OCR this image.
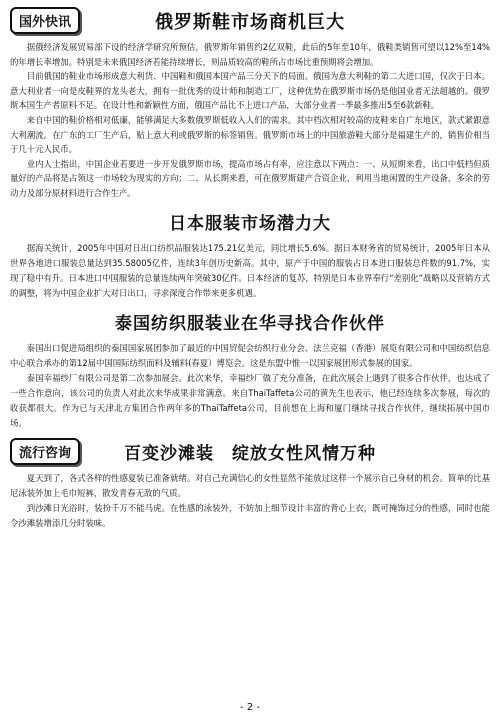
国外快讯	俄罗斯鞋市场商机巨大

据俄经济发展贸易部下设的经济学研究所预估，俄罗斯年销售约2亿双鞋，此后的5年至10年，俄鞋类销售可望以12%至14%的年增长率增加。特别是未来俄国经济若能持续增长，则品质较高的鞋所占市场比重预期将会增加。

目前俄国的鞋业市场形成意大利货、中国鞋和俄国本国产品三分天下的局面。俄国为意大利鞋的第二大进口国，仅次于日本。意大利业者一向是皮鞋界的龙头老大，拥有一批优秀的设计师和制造工厂，这种优势在俄罗斯市场仍是他国业者无法超越的。俄罗斯本国生产者原料不足。在设计性和新颖性方面，俄国产品比不上进口产品，大部分业者一季最多推出5至6款新鞋。

来自中国的鞋价格相对低廉，能够满足大多数俄罗斯低收入人们的需求。其中档次相对较高的皮鞋来自广东地区，款式紧跟意大利潮流。在广东的工厂生产后，贴上意大利或俄罗斯的标签销售。俄罗斯市场上的中国旅游鞋大部分是福建生产的，销售价相当于几十元人民币。

业内人士指出，中国企业若要进一步开发俄罗斯市场，提高市场占有率，应注意以下两点：一、从短期来看，出口中低档但质量好的产品将是占领这一市场较为现实的方向；二、从长期来看，可在俄罗斯建产合资企业，利用当地闲置的生产设备，多余的劳动力及部分原材料进行合作生产。

日本服装市场潜力大

据海关统计，2005年中国对日出口纺织品服装达175.21亿美元，同比增长5.6%。据日本财务省的贸易统计，2005年日本从世界各地进口服装总量达到35.58005亿件，连续3年创历史新高。其中，原产于中国的服装占日本进口服装总件数的91.7%，实现了稳中有升。日本进口中国服装的总量连续两年突破30亿件。日本经济的复苏，特别是日本业界奉行“差别化”战略以及营销方式的调整，将为中国企业扩大对日出口，寻求深度合作带来更多机遇。

泰国纺织服装业在华寻找合作伙伴

泰国出口促进局组织的泰国国家展团参加了最近的中国贸促会纺织行业分会、法兰克福（香港）展览有限公司和中国纺织信息中心联合承办的第12届中国国际纺织面料及辅料(春夏）博览会。这是东盟中惟一以国家展团形式参展的国家。

泰国幸福纱厂有限公司是第二次参加展会。此次来华，幸福纱厂做了充分准备，在此次展会上遇到了很多合作伙伴，也达成了一些合作意向，该公司的负责人对此次来华成果非常满意。来自ThaiTaffeta公司的黄先生也表示，他已经连续多次参展，每次的收获都很大。作为已与天津北方集团合作两年多的ThaiTaffeta公司，目前想在上海和厦门继续寻找合作伙伴，继续拓展中国市场。

流行咨询	百变沙滩装　绽放女性风情万种

夏天到了，各式各样的性感夏装已准备就绪。对自己充满信心的女性显然不能放过这样一个展示自己身材的机会。简单的比基尼泳装外加上毛巾短裤，散发青春无敌的气质。

到沙滩日光浴时，装扮千万不能马虎。在性感的泳装外，不妨加上细节设计丰富的背心上衣，既可掩饰过分的性感，同时也能令沙滩装增添几分时装味。

- 2 -
